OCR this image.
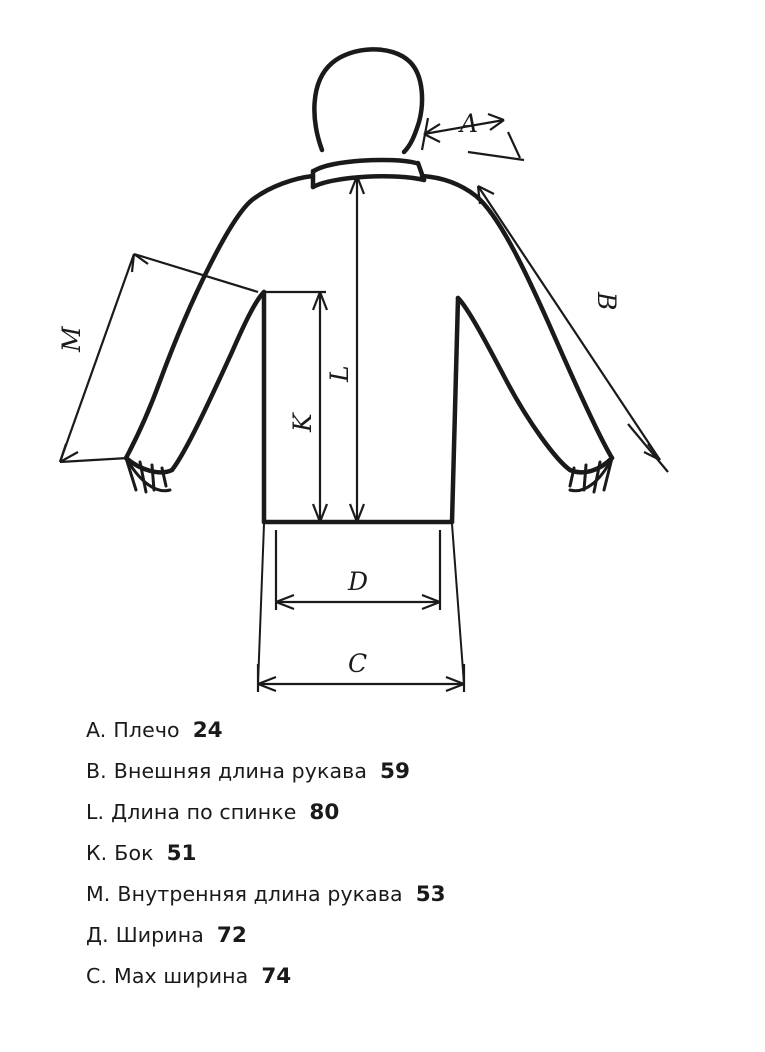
A
B
M
L
K
D
C
A. Плечо 24
B. Внешняя длина рукава 59
L. Длина по спинке 80
К. Бок 51
M. Внутренняя длина рукава 53
Д. Ширина 72
С. Мах ширина 74
